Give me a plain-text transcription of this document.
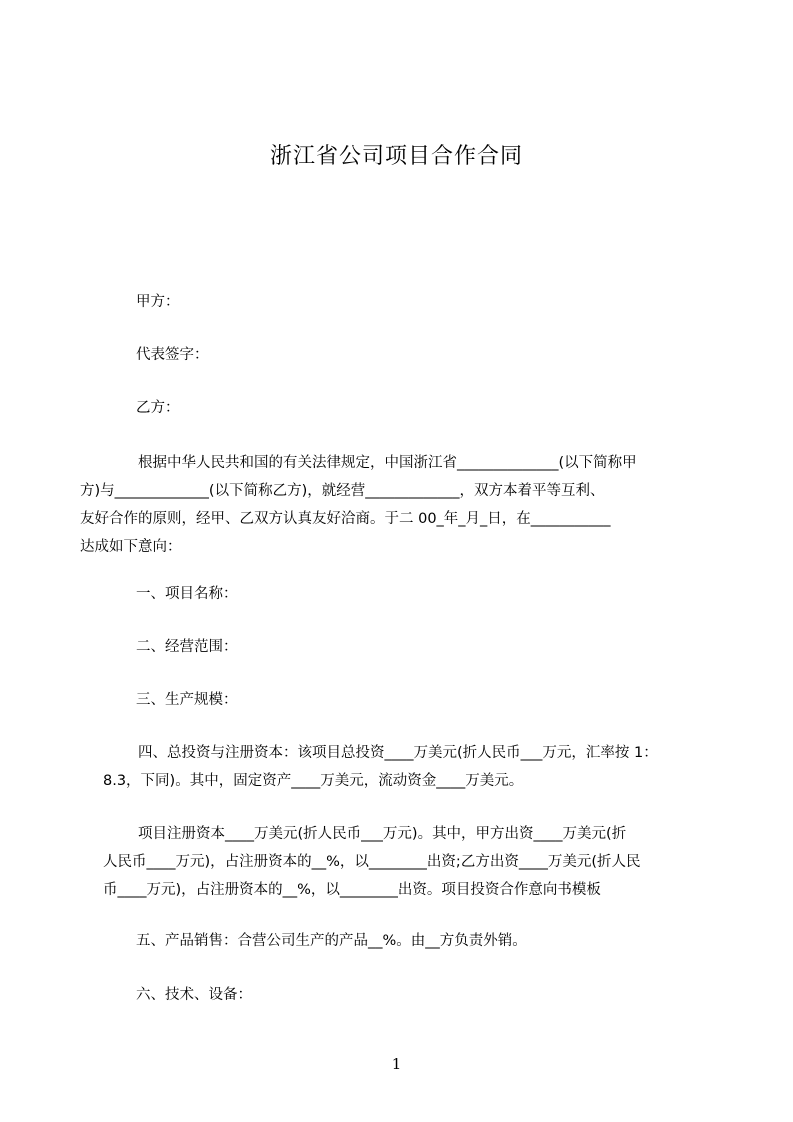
浙江省公司项目合作合同
甲方：
代表签字：
乙方：
根据中华人民共和国的有关法律规定，中国浙江省______________(以下简称甲
方)与_____________(以下简称乙方)，就经营_____________，双方本着平等互利、
友好合作的原则，经甲、乙双方认真友好洽商。于二 00_年_月_日，在___________
达成如下意向：
一、项目名称：
二、经营范围：
三、生产规模：
四、总投资与注册资本：该项目总投资____万美元(折人民币___万元，汇率按 1：
8.3，下同)。其中，固定资产____万美元，流动资金____万美元。
项目注册资本____万美元(折人民币___万元)。其中，甲方出资____万美元(折
人民币____万元)，占注册资本的__%，以________出资;乙方出资____万美元(折人民
币____万元)，占注册资本的__%，以________出资。项目投资合作意向书模板
五、产品销售：合营公司生产的产品__%。由__方负责外销。
六、技术、设备：
1
